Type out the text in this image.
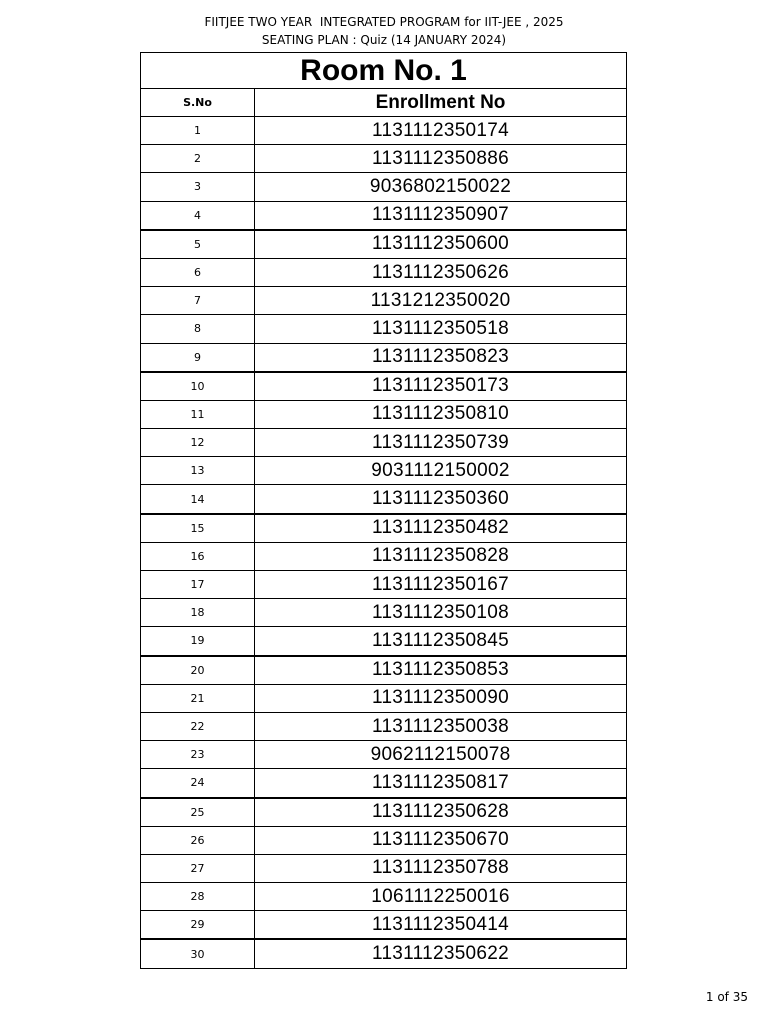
FIITJEE TWO YEAR  INTEGRATED PROGRAM for IIT-JEE , 2025
SEATING PLAN : Quiz (14 JANUARY 2024)
Room No. 1	
S.No	Enrollment No
1	1131112350174
2	1131112350886
3	9036802150022
4	1131112350907
5	1131112350600
6	1131112350626
7	1131212350020
8	1131112350518
9	1131112350823
10	1131112350173
11	1131112350810
12	1131112350739
13	9031112150002
14	1131112350360
15	1131112350482
16	1131112350828
17	1131112350167
18	1131112350108
19	1131112350845
20	1131112350853
21	1131112350090
22	1131112350038
23	9062112150078
24	1131112350817
25	1131112350628
26	1131112350670
27	1131112350788
28	1061112250016
29	1131112350414
30	1131112350622
1 of 35
